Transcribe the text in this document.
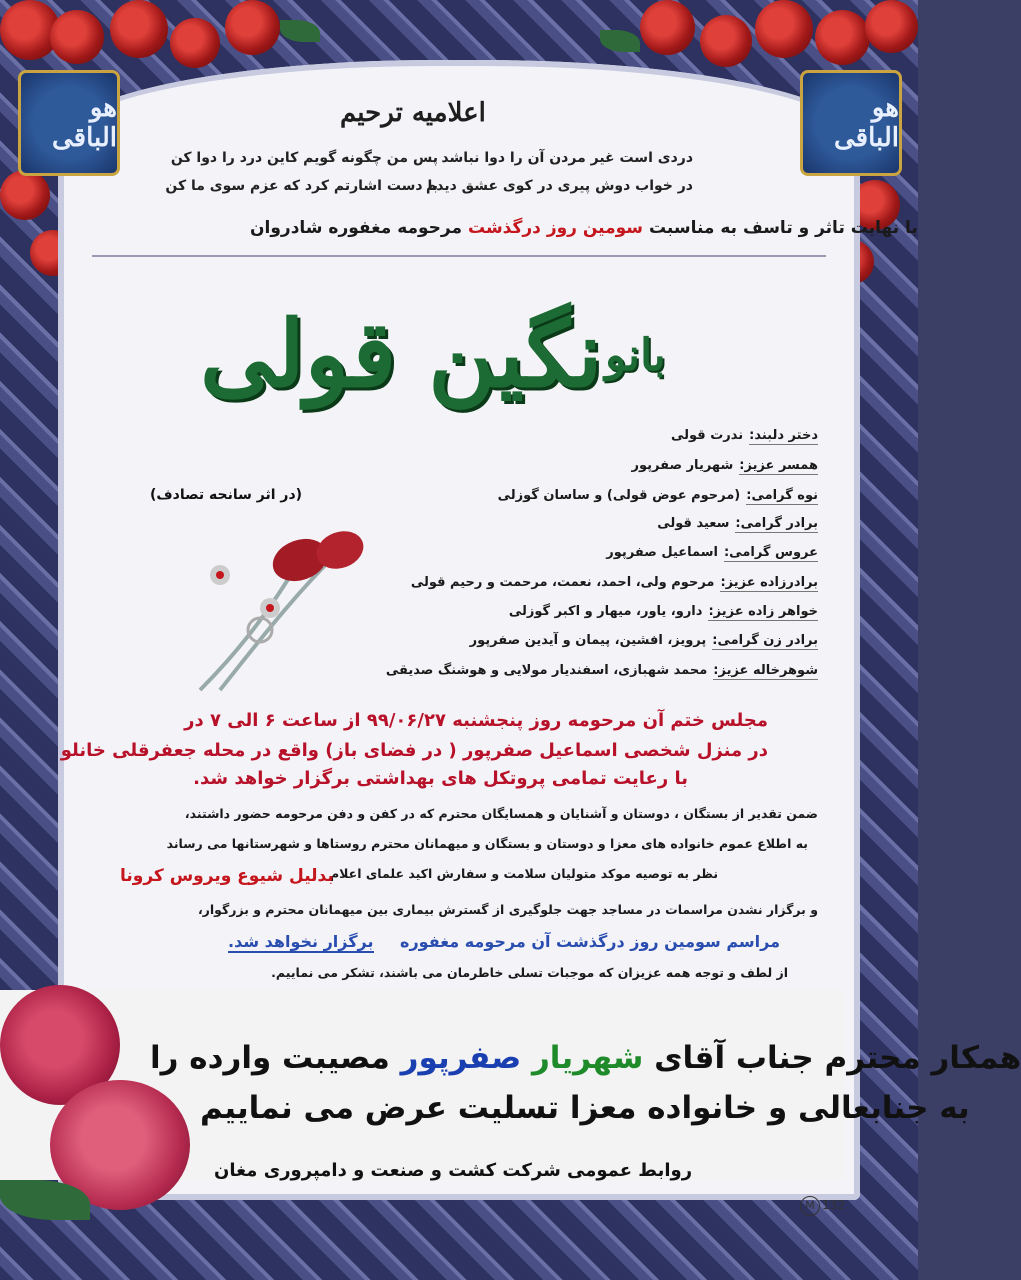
هو الباقی
هو الباقی
اعلامیه ترحیم
دردی است غیر مردن آن را دوا نباشد
پس من چگونه گویم کاین درد را دوا کن
در خواب دوش پیری در کوی عشق دیدم
با دست اشارتم کرد که عزم سوی ما کن
با نهایت تاثر و تاسف به مناسبت سومین روز درگذشت مرحومه مغفوره شادروان
بانو
نگین قولی
(در اثر سانحه تصادف)
دختر دلبند:ندرت قولی
همسر عزیز:شهریار صفرپور
نوه گرامی:(مرحوم عوض قولی) و ساسان گوزلی
برادر گرامی:سعید قولی
عروس گرامی:اسماعیل صفرپور
برادرزاده عزیز:مرحوم ولی، احمد، نعمت، مرحمت و رحیم قولی
خواهر زاده عزیز:دارو، یاور، میهار و اکبر گوزلی
برادر زن گرامی:پرویز، افشین، پیمان و آیدین صفرپور
شوهرخاله عزیز:محمد شهبازی، اسفندیار مولایی و هوشنگ صدیقی
مجلس ختم آن مرحومه روز پنجشنبه ۹۹/۰۶/۲۷ از ساعت ۶ الی ۷ در
در منزل شخصی اسماعیل صفرپور ( در فضای باز) واقع در محله جعفرقلی خانلو
با رعایت تمامی پروتکل های بهداشتی برگزار خواهد شد.
ضمن تقدیر از بستگان ، دوستان و آشنایان و همسایگان محترم که در کفن و دفن مرحومه حضور داشتند،
به اطلاع عموم خانواده های معزا و دوستان و بستگان و میهمانان محترم روستاها و شهرستانها می رساند
نظر به توصیه موکد متولیان سلامت و سفارش اکید علمای اعلام
بدلیل شیوع ویروس کرونا
و برگزار نشدن مراسمات در مساجد جهت جلوگیری از گسترش بیماری بین میهمانان محترم و بزرگوار،
مراسم سومین روز درگذشت آن مرحومه مغفوره
برگزار نخواهد شد.
از لطف و توجه همه عزیزان که موجبات تسلی خاطرمان می باشند، تشکر می نماییم.
همکار محترم جناب آقای شهریار صفرپور مصیبت وارده را
به جنابعالی و خانواده معزا تسلیت عرض می نماییم
روابط عمومی شرکت کشت و صنعت و دامپروری مغان
M 132
